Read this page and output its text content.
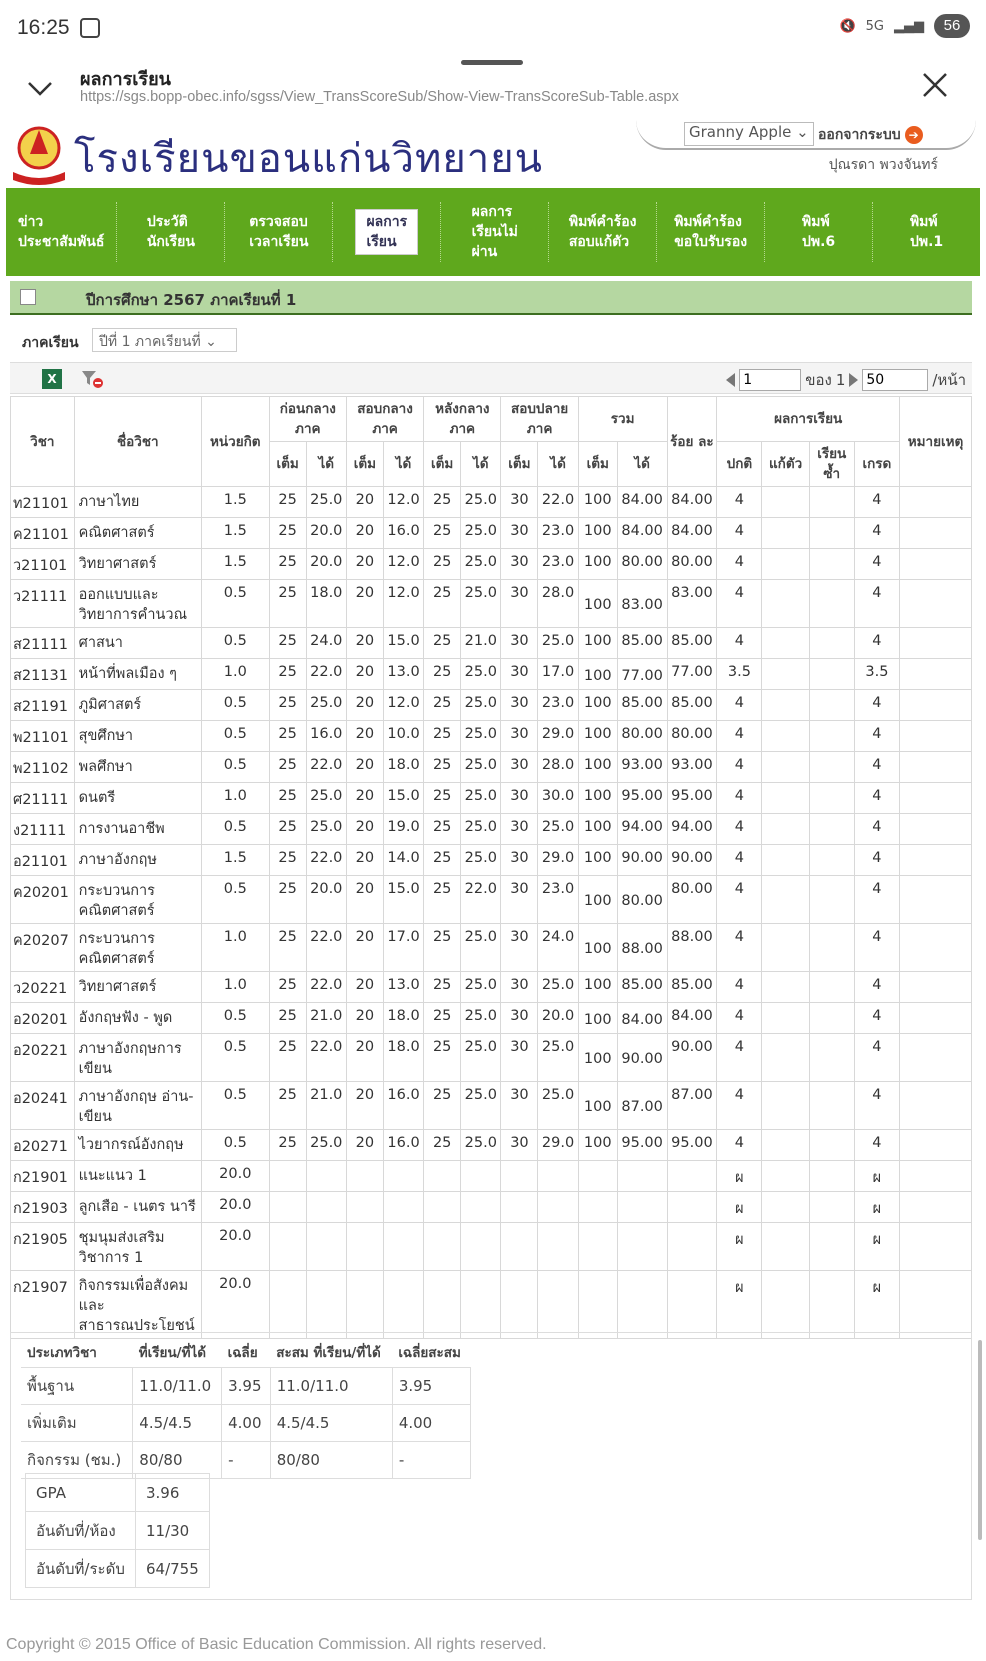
16:25	🔇 5G ▂▄▆	56
ผลการเรียน
https://sgs.bopp-obec.info/sgss/View_TransScoreSub/Show-View-TransScoreSub-Table.aspx
โรงเรียนขอนแก่นวิทยายน
Granny Apple ⌄ ออกจากระบบ ➔
ปุณรดา พวงจันทร์
ข่าว
ประชาสัมพันธ์
ประวัติ
นักเรียน
ตรวจสอบ
เวลาเรียน
ผลการ
เรียน
ผลการ
เรียนไม่
ผ่าน
พิมพ์คำร้อง
สอบแก้ตัว
พิมพ์คำร้อง
ขอใบรับรอง
พิมพ์
ปพ.6
พิมพ์
ปพ.1
ปีการศึกษา 2567 ภาคเรียนที่ 1
ภาคเรียน	ปีที่ 1 ภาคเรียนที่ ⌄
X
1	ของ 1
50	/หน้า
วิชา	ชื่อวิชา	หน่วยกิต	ก่อนกลาง ภาค		สอบกลาง ภาค		หลังกลาง ภาค		สอบปลาย ภาค		รวม		ร้อย ละ	ผลการเรียน				หมายเหตุ
			เต็ม	ได้	เต็ม	ได้	เต็ม	ได้	เต็ม	ได้	เต็ม	ได้		ปกติ	แก้ตัว	เรียน ซ้ำ	เกรด	
ท21101	ภาษาไทย	1.5	25	25.0	20	12.0	25	25.0	30	22.0	100	84.00	84.00	4			4	
ค21101	คณิตศาสตร์	1.5	25	20.0	20	16.0	25	25.0	30	23.0	100	84.00	84.00	4			4	
ว21101	วิทยาศาสตร์	1.5	25	20.0	20	12.0	25	25.0	30	23.0	100	80.00	80.00	4			4	
ว21111	ออกแบบและ วิทยาการคำนวณ	0.5	25	18.0	20	12.0	25	25.0	30	28.0	100	83.00	83.00	4			4	
ส21111	ศาสนา	0.5	25	24.0	20	15.0	25	21.0	30	25.0	100	85.00	85.00	4			4	
ส21131	หน้าที่พลเมือง ๆ	1.0	25	22.0	20	13.0	25	25.0	30	17.0	100	77.00	77.00	3.5			3.5	
ส21191	ภูมิศาสตร์	0.5	25	25.0	20	12.0	25	25.0	30	23.0	100	85.00	85.00	4			4	
พ21101	สุขศึกษา	0.5	25	16.0	20	10.0	25	25.0	30	29.0	100	80.00	80.00	4			4	
พ21102	พลศึกษา	0.5	25	22.0	20	18.0	25	25.0	30	28.0	100	93.00	93.00	4			4	
ศ21111	ดนตรี	1.0	25	25.0	20	15.0	25	25.0	30	30.0	100	95.00	95.00	4			4	
ง21111	การงานอาชีพ	0.5	25	25.0	20	19.0	25	25.0	30	25.0	100	94.00	94.00	4			4	
อ21101	ภาษาอังกฤษ	1.5	25	22.0	20	14.0	25	25.0	30	29.0	100	90.00	90.00	4			4	
ค20201	กระบวนการ คณิตศาสตร์	0.5	25	20.0	20	15.0	25	22.0	30	23.0	100	80.00	80.00	4			4	
ค20207	กระบวนการ คณิตศาสตร์	1.0	25	22.0	20	17.0	25	25.0	30	24.0	100	88.00	88.00	4			4	
ว20221	วิทยาศาสตร์	1.0	25	22.0	20	13.0	25	25.0	30	25.0	100	85.00	85.00	4			4	
อ20201	อังกฤษฟัง - พูด	0.5	25	21.0	20	18.0	25	25.0	30	20.0	100	84.00	84.00	4			4	
อ20221	ภาษาอังกฤษการ เขียน	0.5	25	22.0	20	18.0	25	25.0	30	25.0	100	90.00	90.00	4			4	
อ20241	ภาษาอังกฤษ อ่าน-เขียน	0.5	25	21.0	20	16.0	25	25.0	30	25.0	100	87.00	87.00	4			4	
อ20271	ไวยากรณ์อังกฤษ	0.5	25	25.0	20	16.0	25	25.0	30	29.0	100	95.00	95.00	4			4	
ก21901	แนะแนว 1	20.0												ผ			ผ	
ก21903	ลูกเสือ - เนตร นารี	20.0												ผ			ผ	
ก21905	ชุมนุมส่งเสริม วิชาการ 1	20.0												ผ			ผ	
ก21907	กิจกรรมเพื่อสังคม และ สาธารณประโยชน์	20.0												ผ			ผ	
ประเภทวิชา	ที่เรียน/ที่ได้	เฉลี่ย	สะสม ที่เรียน/ที่ได้	เฉลี่ยสะสม
พื้นฐาน	11.0/11.0	3.95	11.0/11.0	3.95
เพิ่มเติม	4.5/4.5	4.00	4.5/4.5	4.00
กิจกรรม (ชม.)	80/80	-	80/80	-
GPA	3.96
อันดับที่/ห้อง	11/30
อันดับที่/ระดับ	64/755
Copyright © 2015 Office of Basic Education Commission. All rights reserved.
